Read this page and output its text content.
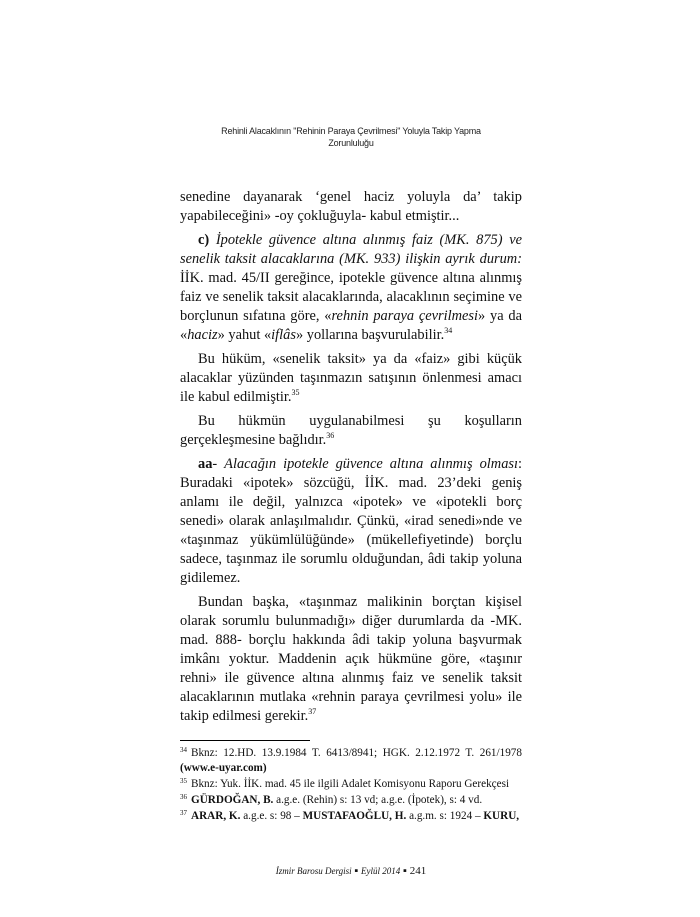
Rehinli Alacaklının "Rehinin Paraya Çevrilmesi" Yoluyla Takip Yapma
Zorunluluğu

senedine dayanarak ‘genel haciz yoluyla da’ takip yapabileceğini» -oy çokluğuyla- kabul etmiştir...

c) İpotekle güvence altına alınmış faiz (MK. 875) ve senelik taksit alacaklarına (MK. 933) ilişkin ayrık durum: İİK. mad. 45/II gereğince, ipotekle güvence altına alınmış faiz ve senelik taksit alacaklarında, alacaklının seçimine ve borçlunun sıfatına göre, «rehnin paraya çevrilmesi» ya da «haciz» yahut «iflâs» yollarına başvurulabilir.$^{34}$

Bu hüküm, «senelik taksit» ya da «faiz» gibi küçük alacaklar yüzünden taşınmazın satışının önlenmesi amacı ile kabul edilmiştir.$^{35}$

Bu hükmün uygulanabilmesi şu koşulların gerçekleşmesine bağlıdır.$^{36}$

aa- Alacağın ipotekle güvence altına alınmış olması: Buradaki «ipotek» sözcüğü, İİK. mad. 23’deki geniş anlamı ile değil, yalnızca «ipotek» ve «ipotekli borç senedi» olarak anlaşılmalıdır. Çünkü, «irad senedi»nde ve «taşınmaz yükümlülüğünde» (mükellefiyetinde) borçlu sadece, taşınmaz ile sorumlu olduğundan, âdi takip yoluna gidilemez.

Bundan başka, «taşınmaz malikinin borçtan kişisel olarak sorumlu bulunmadığı» diğer durumlarda da -MK. mad. 888- borçlu hakkında âdi takip yoluna başvurmak imkânı yoktur. Maddenin açık hükmüne göre, «taşınır rehni» ile güvence altına alınmış faiz ve senelik taksit alacaklarının mutlaka «rehnin paraya çevrilmesi yolu» ile takip edilmesi gerekir.$^{37}$

$^{34}$ Bknz: 12.HD. 13.9.1984 T. 6413/8941; HGK. 2.12.1972 T. 261/1978 (www.e-uyar.com)
$^{35}$ Bknz: Yuk. İİK. mad. 45 ile ilgili Adalet Komisyonu Raporu Gerekçesi
$^{36}$ GÜRDOĞAN, B. a.g.e. (Rehin) s: 13 vd; a.g.e. (İpotek), s: 4 vd.
$^{37}$ ARAR, K. a.g.e. s: 98 – MUSTAFAOĞLU, H. a.g.m. s: 1924 – KURU,
İzmir Barosu Dergisi ▪ Eylül 2014 ▪ 241
